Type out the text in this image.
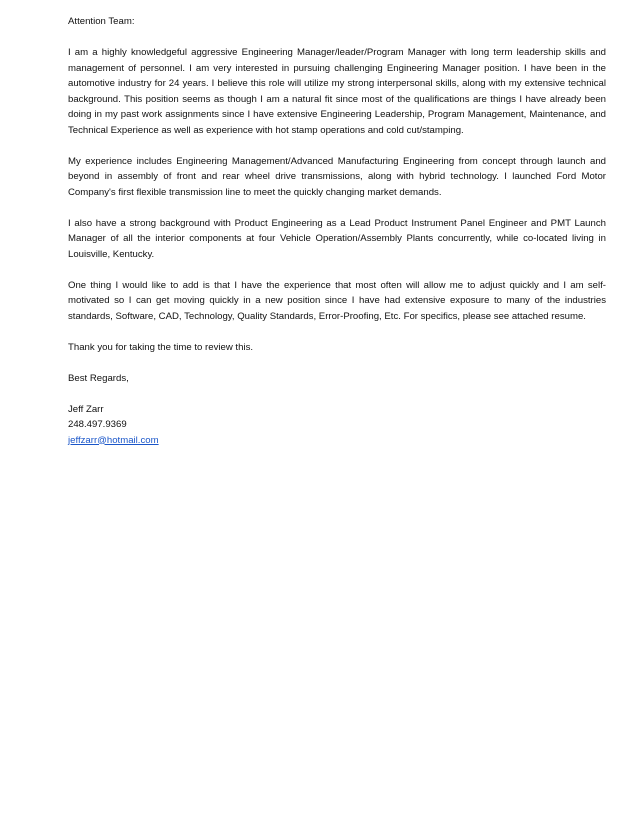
Attention Team:

I am a highly knowledgeful aggressive Engineering Manager/leader/Program Manager with long term leadership skills and management of personnel. I am very interested in pursuing challenging Engineering Manager position. I have been in the automotive industry for 24 years. I believe this role will utilize my strong interpersonal skills, along with my extensive technical background. This position seems as though I am a natural fit since most of the qualifications are things I have already been doing in my past work assignments since I have extensive Engineering Leadership, Program Management, Maintenance, and Technical Experience as well as experience with hot stamp operations and cold cut/stamping.

My experience includes Engineering Management/Advanced Manufacturing Engineering from concept through launch and beyond in assembly of front and rear wheel drive transmissions, along with hybrid technology. I launched Ford Motor Company's first flexible transmission line to meet the quickly changing market demands.

I also have a strong background with Product Engineering as a Lead Product Instrument Panel Engineer and PMT Launch Manager of all the interior components at four Vehicle Operation/Assembly Plants concurrently, while co-located living in Louisville, Kentucky.

One thing I would like to add is that I have the experience that most often will allow me to adjust quickly and I am self-motivated so I can get moving quickly in a new position since I have had extensive exposure to many of the industries standards, Software, CAD, Technology, Quality Standards, Error-Proofing, Etc. For specifics, please see attached resume.

Thank you for taking the time to review this.

Best Regards,

Jeff Zarr
248.497.9369
jeffzarr@hotmail.com
